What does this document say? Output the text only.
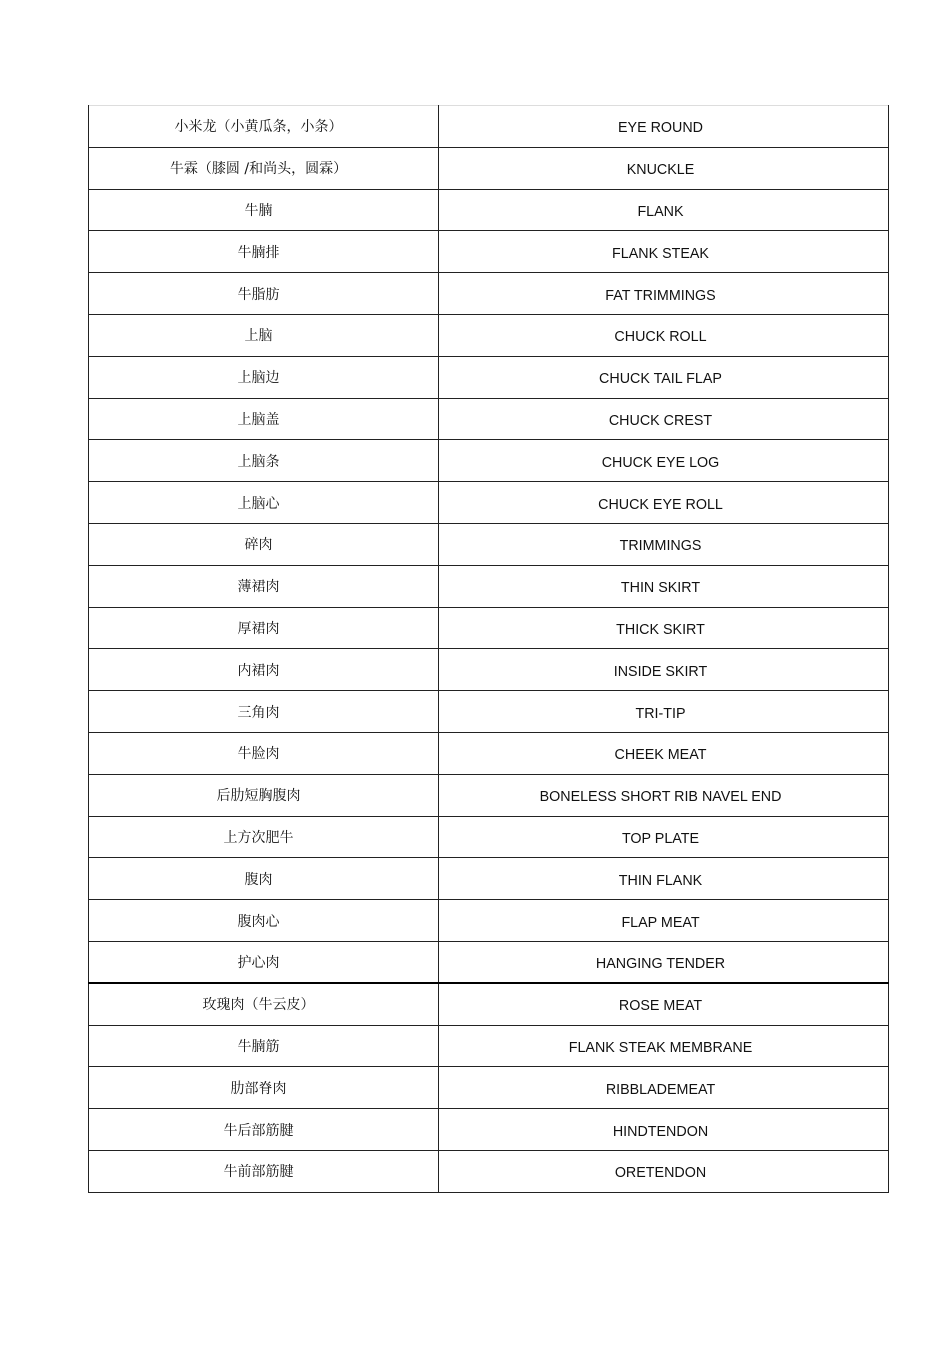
小米龙（小黄瓜条，小条）	EYE ROUND
牛霖（膝圆 /和尚头，圆霖）	KNUCKLE
牛腩	FLANK
牛腩排	FLANK STEAK
牛脂肪	FAT TRIMMINGS
上脑	CHUCK ROLL
上脑边	CHUCK TAIL FLAP
上脑盖	CHUCK CREST
上脑条	CHUCK EYE LOG
上脑心	CHUCK EYE ROLL
碎肉	TRIMMINGS
薄裙肉	THIN SKIRT
厚裙肉	THICK SKIRT
内裙肉	INSIDE SKIRT
三角肉	TRI-TIP
牛脸肉	CHEEK MEAT
后肋短胸腹肉	BONELESS SHORT RIB NAVEL END
上方次肥牛	TOP PLATE
腹肉	THIN FLANK
腹肉心	FLAP MEAT
护心肉	HANGING TENDER
玫瑰肉（牛云皮）	ROSE MEAT
牛腩筋	FLANK STEAK MEMBRANE
肋部脊肉	RIBBLADEMEAT
牛后部筋腱	HINDTENDON
牛前部筋腱	ORETENDON
